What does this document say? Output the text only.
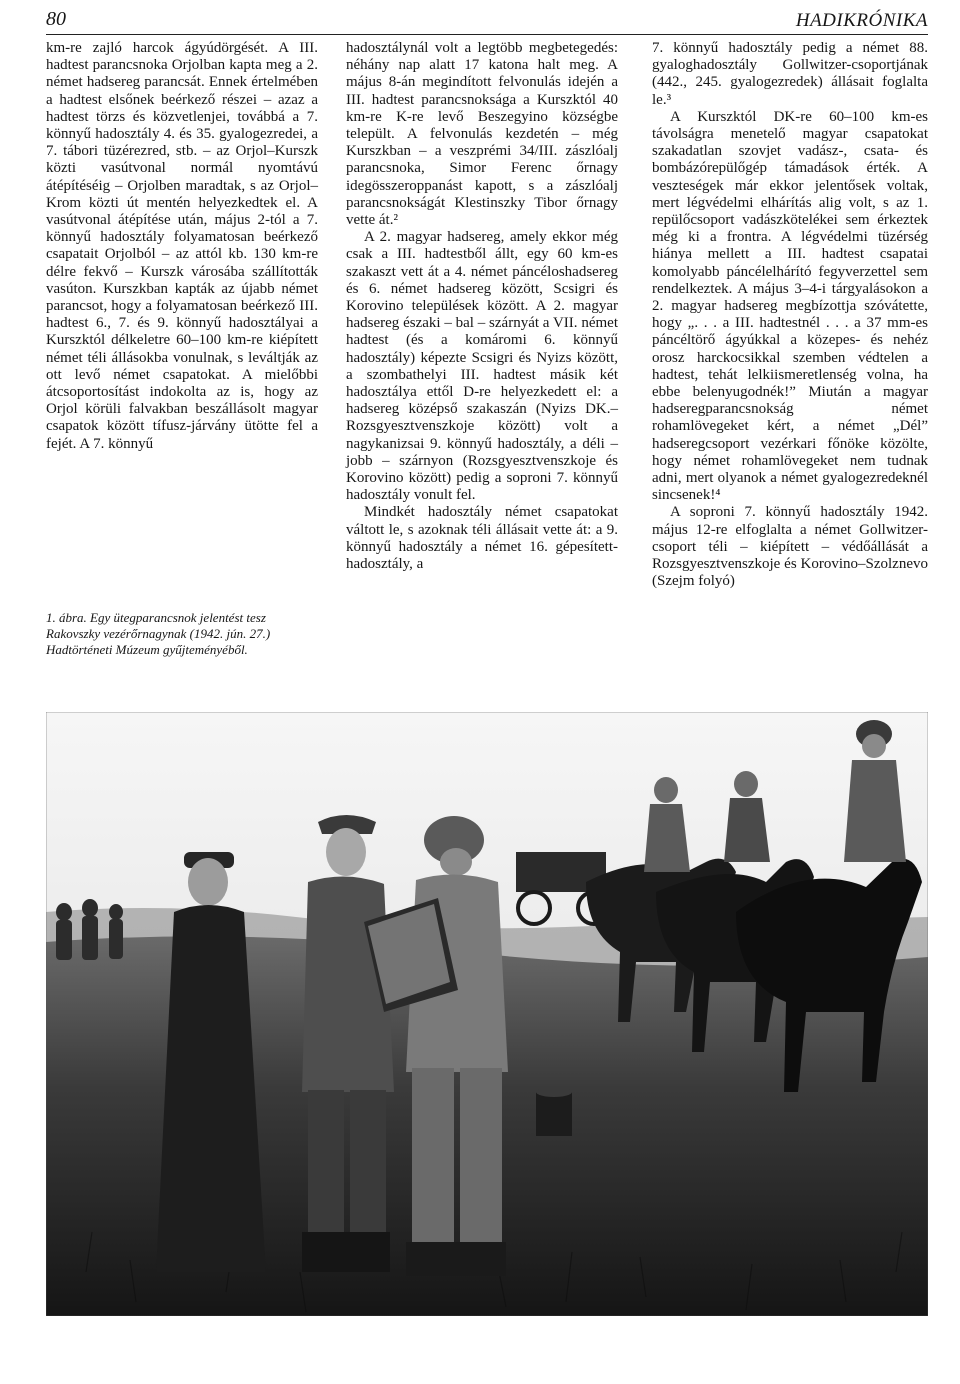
80	HADIKRÓNIKA

km-re zajló harcok ágyúdörgését. A III. hadtest parancsnoka Orjolban kapta meg a 2. német hadsereg parancsát. Ennek értelmében a hadtest elsőnek beérkező részei – azaz a hadtest törzs és közvetlenjei, továbbá a 7. könnyű hadosztály 4. és 35. gyalogezredei, a 7. tábori tüzérezred, stb. – az Orjol–Kurszk közti vasútvonal normál nyomtávú átépítéséig – Orjolben maradtak, s az Orjol–Krom közti út mentén helyezkedtek el. A vasútvonal átépítése után, május 2-tól a 7. könnyű hadosztály folyamatosan beérkező csapatait Orjolból – az attól kb. 130 km-re délre fekvő – Kurszk városába szállították vasúton. Kurszkban kapták az újabb német parancsot, hogy a folyamatosan beérkező III. hadtest 6., 7. és 9. könnyű hadosztályai a Kurszktól délkeletre 60–100 km-re kiépített német téli állásokba vonulnak, s leváltják az ott levő német csapatokat. A mielőbbi átcsoportosítást indokolta az is, hogy az Orjol körüli falvakban beszállásolt magyar csapatok között tífusz-járvány ütötte fel a fejét. A 7. könnyű

1. ábra. Egy ütegparancsnok jelentést tesz Rakovszky vezérőrnagynak (1942. jún. 27.) Hadtörténeti Múzeum gyűjteményéből.

hadosztálynál volt a legtöbb megbetegedés: néhány nap alatt 17 katona halt meg. A május 8-án megindított felvonulás idején a III. hadtest parancsnoksága a Kurszktól 40 km-re K-re levő Beszegyino községbe települt. A felvonulás kezdetén – még Kurszkban – a veszprémi 34/III. zászlóalj parancsnoka, Simor Ferenc őrnagy idegösszeroppanást kapott, s a zászlóalj parancsnokságát Klestinszky Tibor őrnagy vette át.²

A 2. magyar hadsereg, amely ekkor még csak a III. hadtestből állt, egy 60 km-es szakaszt vett át a 4. német páncéloshadsereg és 6. német hadsereg között, Scsigri és Korovino települések között. A 2. magyar hadsereg északi – bal – szárnyát a VII. német hadtest (és a komáromi 6. könnyű hadosztály) képezte Scsigri és Nyizs között, a szombathelyi III. hadtest másik két hadosztálya ettől D-re helyezkedett el: a hadsereg középső szakaszán (Nyizs DK.–Rozsgyesztvenszkoje között) volt a nagykanizsai 9. könnyű hadosztály, a déli – jobb – szárnyon (Rozsgyesztvenszkoje és Korovino között) pedig a soproni 7. könnyű hadosztály vonult fel.

Mindkét hadosztály német csapatokat váltott le, s azoknak téli állásait vette át: a 9. könnyű hadosztály a német 16. gépesített-hadosztály, a

7. könnyű hadosztály pedig a német 88. gyaloghadosztály Gollwitzer-csoportjának (442., 245. gyalogezredek) állásait foglalta le.³

A Kurszktól DK-re 60–100 km-es távolságra menetelő magyar csapatokat szakadatlan szovjet vadász-, csata- és bombázórepülőgép támadások érték. A veszteségek már ekkor jelentősek voltak, mert légvédelmi elhárítás alig volt, s az 1. repülőcsoport vadászkötelékei sem érkeztek még ki a frontra. A légvédelmi tüzérség hiánya mellett a III. hadtest csapatai komolyabb páncélelhárító fegyverzettel sem rendelkeztek. A május 3–4-i tárgyalásokon a 2. magyar hadsereg megbízottja szóvátette, hogy „. . . a III. hadtestnél . . . a 37 mm-es páncéltörő ágyúkkal a közepes- és nehéz orosz harckocsikkal szemben védtelen a hadtest, tehát lelkiismeretlenség volna, ha ebbe belenyugodnék!” Miután a magyar hadseregparancsnokság német rohamlövegeket kért, a német „Dél” hadseregcsoport vezérkari főnöke közölte, hogy német rohamlövegeket nem tudnak adni, mert olyanok a német gyalogezredeknél sincsenek!⁴

A soproni 7. könnyű hadosztály 1942. május 12-re elfoglalta a német Gollwitzer-csoport téli – kiépített – védőállását a Rozsgyesztvenszkoje és Korovino–Szolznevo (Szejm folyó)
